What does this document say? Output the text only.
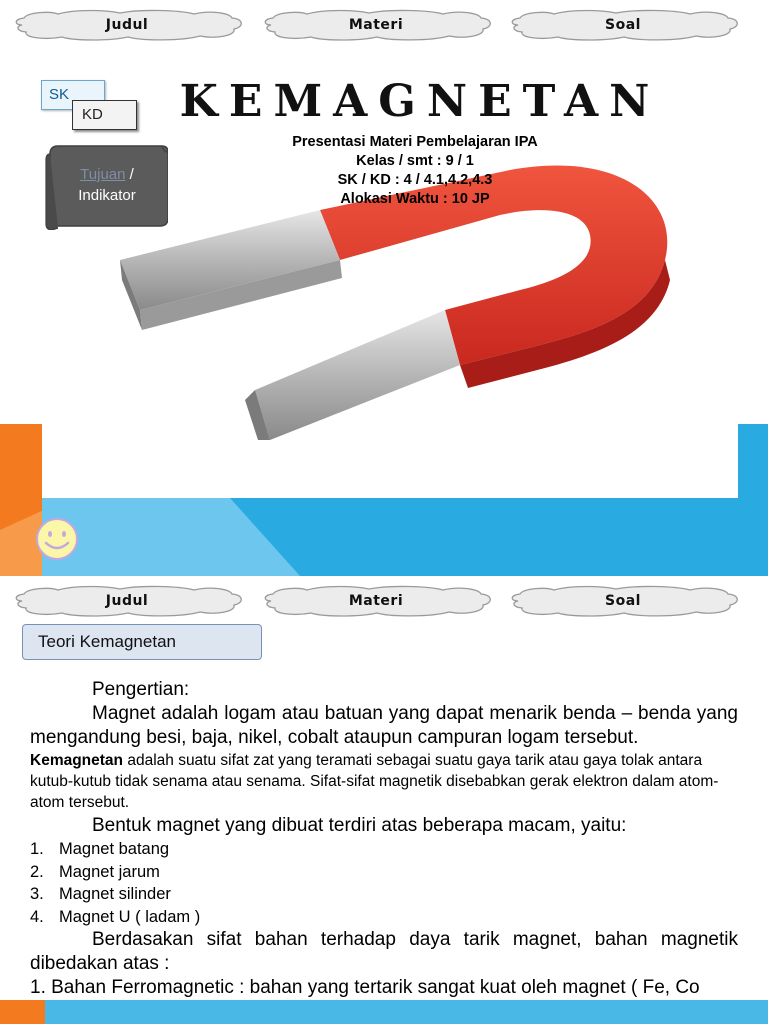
SK
KD
Tujuan /
Indikator
KEMAGNETAN
Presentasi Materi Pembelajaran IPA
Kelas / smt : 9 / 1
SK / KD : 4 / 4.1,4.2,4.3
Alokasi Waktu : 10 JP
Judul	Materi	Soal
Judul	Materi	Soal
Teori Kemagnetan

Pengertian:

Magnet adalah logam atau batuan yang dapat menarik benda – benda yang mengandung besi, baja, nikel, cobalt ataupun campuran logam tersebut.

Kemagnetan adalah suatu sifat zat yang teramati sebagai suatu gaya tarik atau gaya tolak antara kutub-kutub tidak senama atau senama. Sifat-sifat magnetik disebabkan gerak elektron dalam atom-atom tersebut.

Bentuk magnet yang dibuat terdiri atas beberapa macam, yaitu:

1. Magnet batang
2. Magnet jarum
3. Magnet silinder
4. Magnet U ( ladam )

Berdasakan sifat bahan terhadap daya tarik magnet, bahan magnetik dibedakan atas :

1. Bahan Ferromagnetic : bahan yang tertarik sangat kuat oleh magnet ( Fe, Co
